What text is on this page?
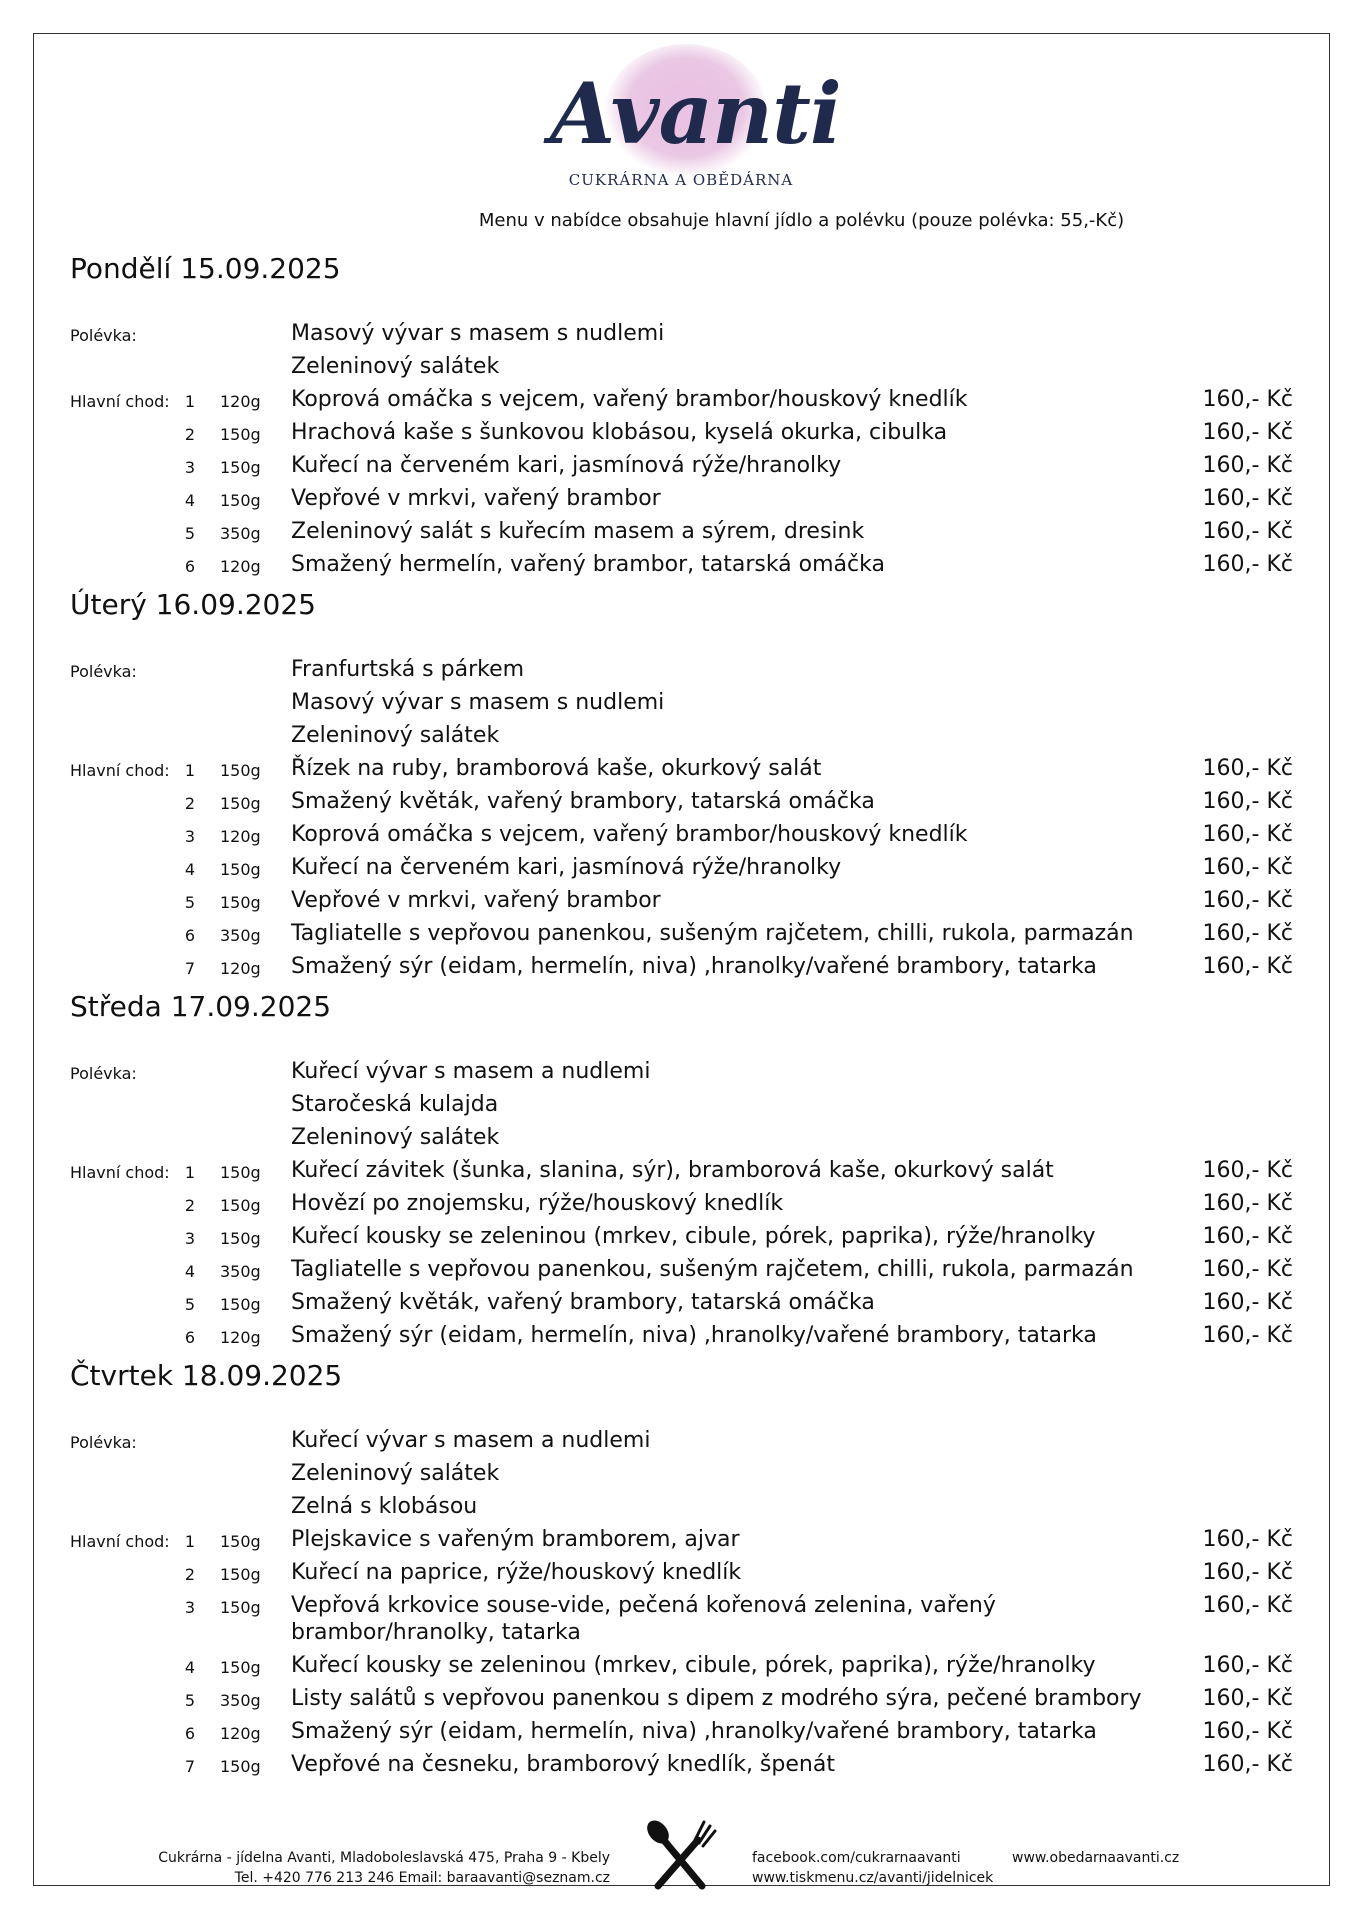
Avanti
CUKRÁRNA A OBĚDÁRNA
Menu v nabídce obsahuje hlavní jídlo a polévku (pouze polévka: 55,-Kč)
Pondělí 15.09.2025
Polévka:	Masový vývar s masem s nudlemi
Zeleninový salátek
Hlavní chod: 1	120g Koprová omáčka s vejcem, vařený brambor/houskový knedlík	160,- Kč
2	150g Hrachová kaše s šunkovou klobásou, kyselá okurka, cibulka	160,- Kč
3	150g Kuřecí na červeném kari, jasmínová rýže/hranolky	160,- Kč
4	150g Vepřové v mrkvi, vařený brambor	160,- Kč
5	350g Zeleninový salát s kuřecím masem a sýrem, dresink	160,- Kč
6	120g Smažený hermelín, vařený brambor, tatarská omáčka	160,- Kč
Úterý 16.09.2025
Polévka:	Franfurtská s párkem
Masový vývar s masem s nudlemi
Zeleninový salátek
Hlavní chod: 1	150g Řízek na ruby, bramborová kaše, okurkový salát	160,- Kč
2	150g Smažený květák, vařený brambory, tatarská omáčka	160,- Kč
3	120g Koprová omáčka s vejcem, vařený brambor/houskový knedlík	160,- Kč
4	150g Kuřecí na červeném kari, jasmínová rýže/hranolky	160,- Kč
5	150g Vepřové v mrkvi, vařený brambor	160,- Kč
6	350g Tagliatelle s vepřovou panenkou, sušeným rajčetem, chilli, rukola, parmazán	160,- Kč
7	120g Smažený sýr (eidam, hermelín, niva) ,hranolky/vařené brambory, tatarka	160,- Kč
Středa 17.09.2025
Polévka:	Kuřecí vývar s masem a nudlemi
Staročeská kulajda
Zeleninový salátek
Hlavní chod: 1	150g Kuřecí závitek (šunka, slanina, sýr), bramborová kaše, okurkový salát	160,- Kč
2	150g Hovězí po znojemsku, rýže/houskový knedlík	160,- Kč
3	150g Kuřecí kousky se zeleninou (mrkev, cibule, pórek, paprika), rýže/hranolky	160,- Kč
4	350g Tagliatelle s vepřovou panenkou, sušeným rajčetem, chilli, rukola, parmazán	160,- Kč
5	150g Smažený květák, vařený brambory, tatarská omáčka	160,- Kč
6	120g Smažený sýr (eidam, hermelín, niva) ,hranolky/vařené brambory, tatarka	160,- Kč
Čtvrtek 18.09.2025
Polévka:	Kuřecí vývar s masem a nudlemi
Zeleninový salátek
Zelná s klobásou
Hlavní chod: 1	150g Plejskavice s vařeným bramborem, ajvar	160,- Kč
2	150g Kuřecí na paprice, rýže/houskový knedlík	160,- Kč
3	150g Vepřová krkovice souse-vide, pečená kořenová zelenina, vařený brambor/hranolky, tatarka
160,- Kč
4	150g Kuřecí kousky se zeleninou (mrkev, cibule, pórek, paprika), rýže/hranolky	160,- Kč
5	350g Listy salátů s vepřovou panenkou s dipem z modrého sýra, pečené brambory	160,- Kč
6	120g Smažený sýr (eidam, hermelín, niva) ,hranolky/vařené brambory, tatarka	160,- Kč
7	150g Vepřové na česneku, bramborový knedlík, špenát	160,- Kč
Cukrárna - jídelna Avanti, Mladoboleslavská 475, Praha 9 - Kbely
Tel. +420 776 213 246 Email: baraavanti@seznam.cz
facebook.com/cukrarnaavanti
www.tiskmenu.cz/avanti/jidelnicek
www.obedarnaavanti.cz
